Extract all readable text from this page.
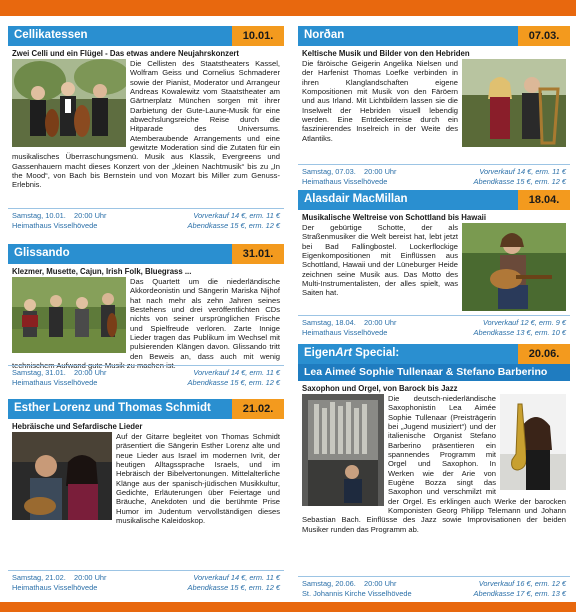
Cellikatessen	10.01.
Zwei Celli und ein Flügel - Das etwas andere Neujahrskonzert
Die Cellisten des Staatstheaters Kassel, Wolfram Geiss und Cornelius Schmaderer sowie der Pianist, Moderator und Arrangeur Andreas Kowalewitz vom Staatstheater am Gärtnerplatz München sorgen mit ihrer Darbietung der Gute-Laune-Musik für eine abwechslungsreiche Reise durch die Hitparade des Universums. Atemberaubende Arrangements und eine gewitzte Moderation sind die Zutaten für ein musikalisches Überraschungsmenü. Musik aus Klassik, Evergreens und Gassenhauern macht dieses Konzert von der „kleinen Nachtmusik“ bis zu „In the Mood“, von Bach bis Bernstein und von Mozart bis Miller zum Genuss-Erlebnis.
Samstag, 10.01. 20:00 Uhr
Heimathaus Visselhövede
Vorverkauf 14 €, erm. 11 €
Abendkasse 15 €, erm. 12 €
Glissando	31.01.
Klezmer, Musette, Cajun, Irish Folk, Bluegrass ...
Das Quartett um die niederländische Akkordeonistin und Sängerin Mariska Nijhof hat nach mehr als zehn Jahren seines Bestehens und drei veröffentlichten CDs nichts von seiner ursprünglichen Frische und Spielfreude verloren. Zarte Innige Lieder tragen das Publikum im Wechsel mit pulsierenden Klängen davon. Glissando tritt den Beweis an, dass auch mit wenig technischem Aufwand gute Musik zu machen ist.
Samstag, 31.01. 20:00 Uhr
Heimathaus Visselhövede
Vorverkauf 14 €, erm. 11 €
Abendkasse 15 €, erm. 12 €
Esther Lorenz und Thomas Schmidt	21.02.
Hebräische und Sefardische Lieder
Auf der Gitarre begleitet von Thomas Schmidt präsentiert die Sängerin Esther Lorenz alte und neue Lieder aus Israel im modernen Ivrit, der heutigen Alltagssprache Israels, und im Hebräisch der Bibelvertonungen. Mittelalterliche Klänge aus der spanisch-jüdischen Musikkultur, Gedichte, Erläuterungen über Feiertage und Bräuche, Anekdoten und die berühmte Prise Humor im Judentum vervollständigen dieses musikalische Kaleidoskop.
Samstag, 21.02. 20:00 Uhr
Heimathaus Visselhövede
Vorverkauf 14 €, erm. 11 €
Abendkasse 15 €, erm. 12 €
Norðan	07.03.
Keltische Musik und Bilder von den Hebriden
Die färöische Geigerin Angelika Nielsen und der Harfenist Thomas Loefke verbinden in ihren Klanglandschaften eigene Kompositionen mit Musik von den Färöern und aus Irland. Mit Lichtbildern lassen sie die Inselwelt der Hebriden visuell lebendig werden. Eine Entdeckerreise durch ein faszinierendes Inselreich in der Weite des Atlantiks.
Samstag, 07.03. 20:00 Uhr
Heimathaus Visselhövede
Vorverkauf 14 €, erm. 11 €
Abendkasse 15 €, erm. 12 €
Alasdair MacMillan	18.04.
Musikalische Weltreise von Schottland bis Hawaii
Der gebürtige Schotte, der als Straßenmusiker die Welt bereist hat, lebt jetzt bei Bad Fallingbostel. Lockerflockige Eigenkompositionen mit Einflüssen aus Schottland, Hawaii und der Lüneburger Heide zeichnen seine Musik aus. Das Motto des Multi-Instrumentalisten, der alles spielt, was Saiten hat.
Samstag, 18.04. 20:00 Uhr
Heimathaus Visselhövede
Vorverkauf 12 €, erm. 9 €
Abendkasse 13 €, erm. 10 €
EigenArt Special:	20.06.
Lea Aimeé Sophie Tullenaar & Stefano Barberino
Saxophon und Orgel, von Barock bis Jazz
Die deutsch-niederländische Saxophonistin Lea Aimée Sophie Tullenaar (Preisträgerin bei „Jugend musiziert“) und der italienische Organist Stefano Barberino präsentieren ein spannendes Programm mit Orgel und Saxophon. In Werken wie der Arie von Eugène Bozza singt das Saxophon und verschmilzt mit der Orgel. Es erklingen auch Werke der barocken Komponisten Georg Philipp Telemann und Johann Sebastian Bach. Einflüsse des Jazz sowie Improvisationen der beiden Musiker runden das Programm ab.
Samstag, 20.06. 20:00 Uhr
St. Johannis Kirche Visselhövede
Vorverkauf 16 €, erm. 12 €
Abendkasse 17 €, erm. 13 €
